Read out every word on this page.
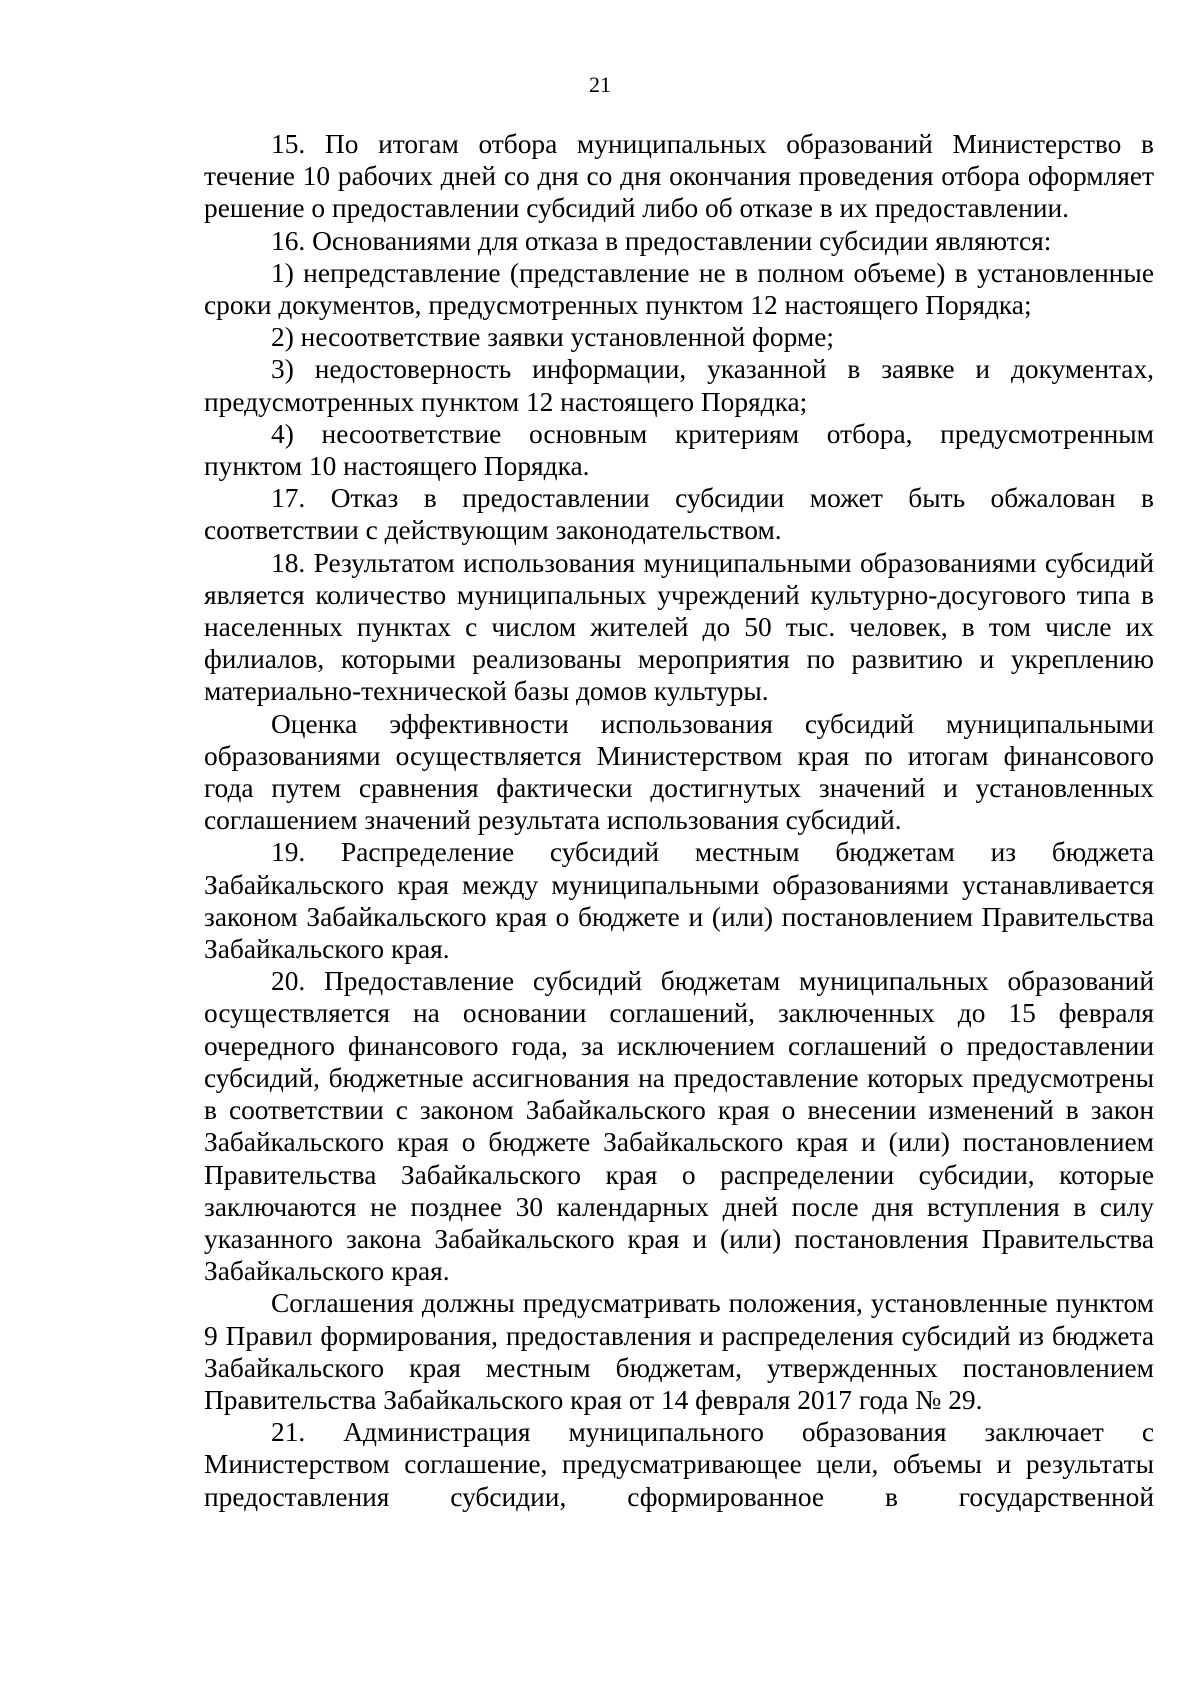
21

15. По итогам отбора муниципальных образований Министерство в течение 10 рабочих дней со дня со дня окончания проведения отбора оформляет решение о предоставлении субсидий либо об отказе в их предоставлении.

16. Основаниями для отказа в предоставлении субсидии являются:

1) непредставление (представление не в полном объеме) в установленные сроки документов, предусмотренных пунктом 12 настоящего Порядка;

2) несоответствие заявки установленной форме;

3) недостоверность информации, указанной в заявке и документах, предусмотренных пунктом 12 настоящего Порядка;

4) несоответствие основным критериям отбора, предусмотренным пунктом 10 настоящего Порядка.

17. Отказ в предоставлении субсидии может быть обжалован в соответствии с действующим законодательством.

18. Результатом использования муниципальными образованиями субсидий является количество муниципальных учреждений культурно-досугового типа в населенных пунктах с числом жителей до 50 тыс. человек, в том числе их филиалов, которыми реализованы мероприятия по развитию и укреплению материально-технической базы домов культуры.

Оценка эффективности использования субсидий муниципальными образованиями осуществляется Министерством края по итогам финансового года путем сравнения фактически достигнутых значений и установленных соглашением значений результата использования субсидий.

19. Распределение субсидий местным бюджетам из бюджета Забайкальского края между муниципальными образованиями устанавливается законом Забайкальского края о бюджете и (или) постановлением Правительства Забайкальского края.

20. Предоставление субсидий бюджетам муниципальных образований осуществляется на основании соглашений, заключенных до 15 февраля очередного финансового года, за исключением соглашений о предоставлении субсидий, бюджетные ассигнования на предоставление которых предусмотрены в соответствии с законом Забайкальского края о внесении изменений в закон Забайкальского края о бюджете Забайкальского края и (или) постановлением Правительства Забайкальского края о распределении субсидии, которые заключаются не позднее 30 календарных дней после дня вступления в силу указанного закона Забайкальского края и (или) постановления Правительства Забайкальского края.

Соглашения должны предусматривать положения, установленные пунктом 9 Правил формирования, предоставления и распределения субсидий из бюджета Забайкальского края местным бюджетам, утвержденных постановлением Правительства Забайкальского края от 14 февраля 2017 года № 29.

21. Администрация муниципального образования заключает с Министерством соглашение, предусматривающее цели, объемы и результаты предоставления субсидии, сформированное в государственной
